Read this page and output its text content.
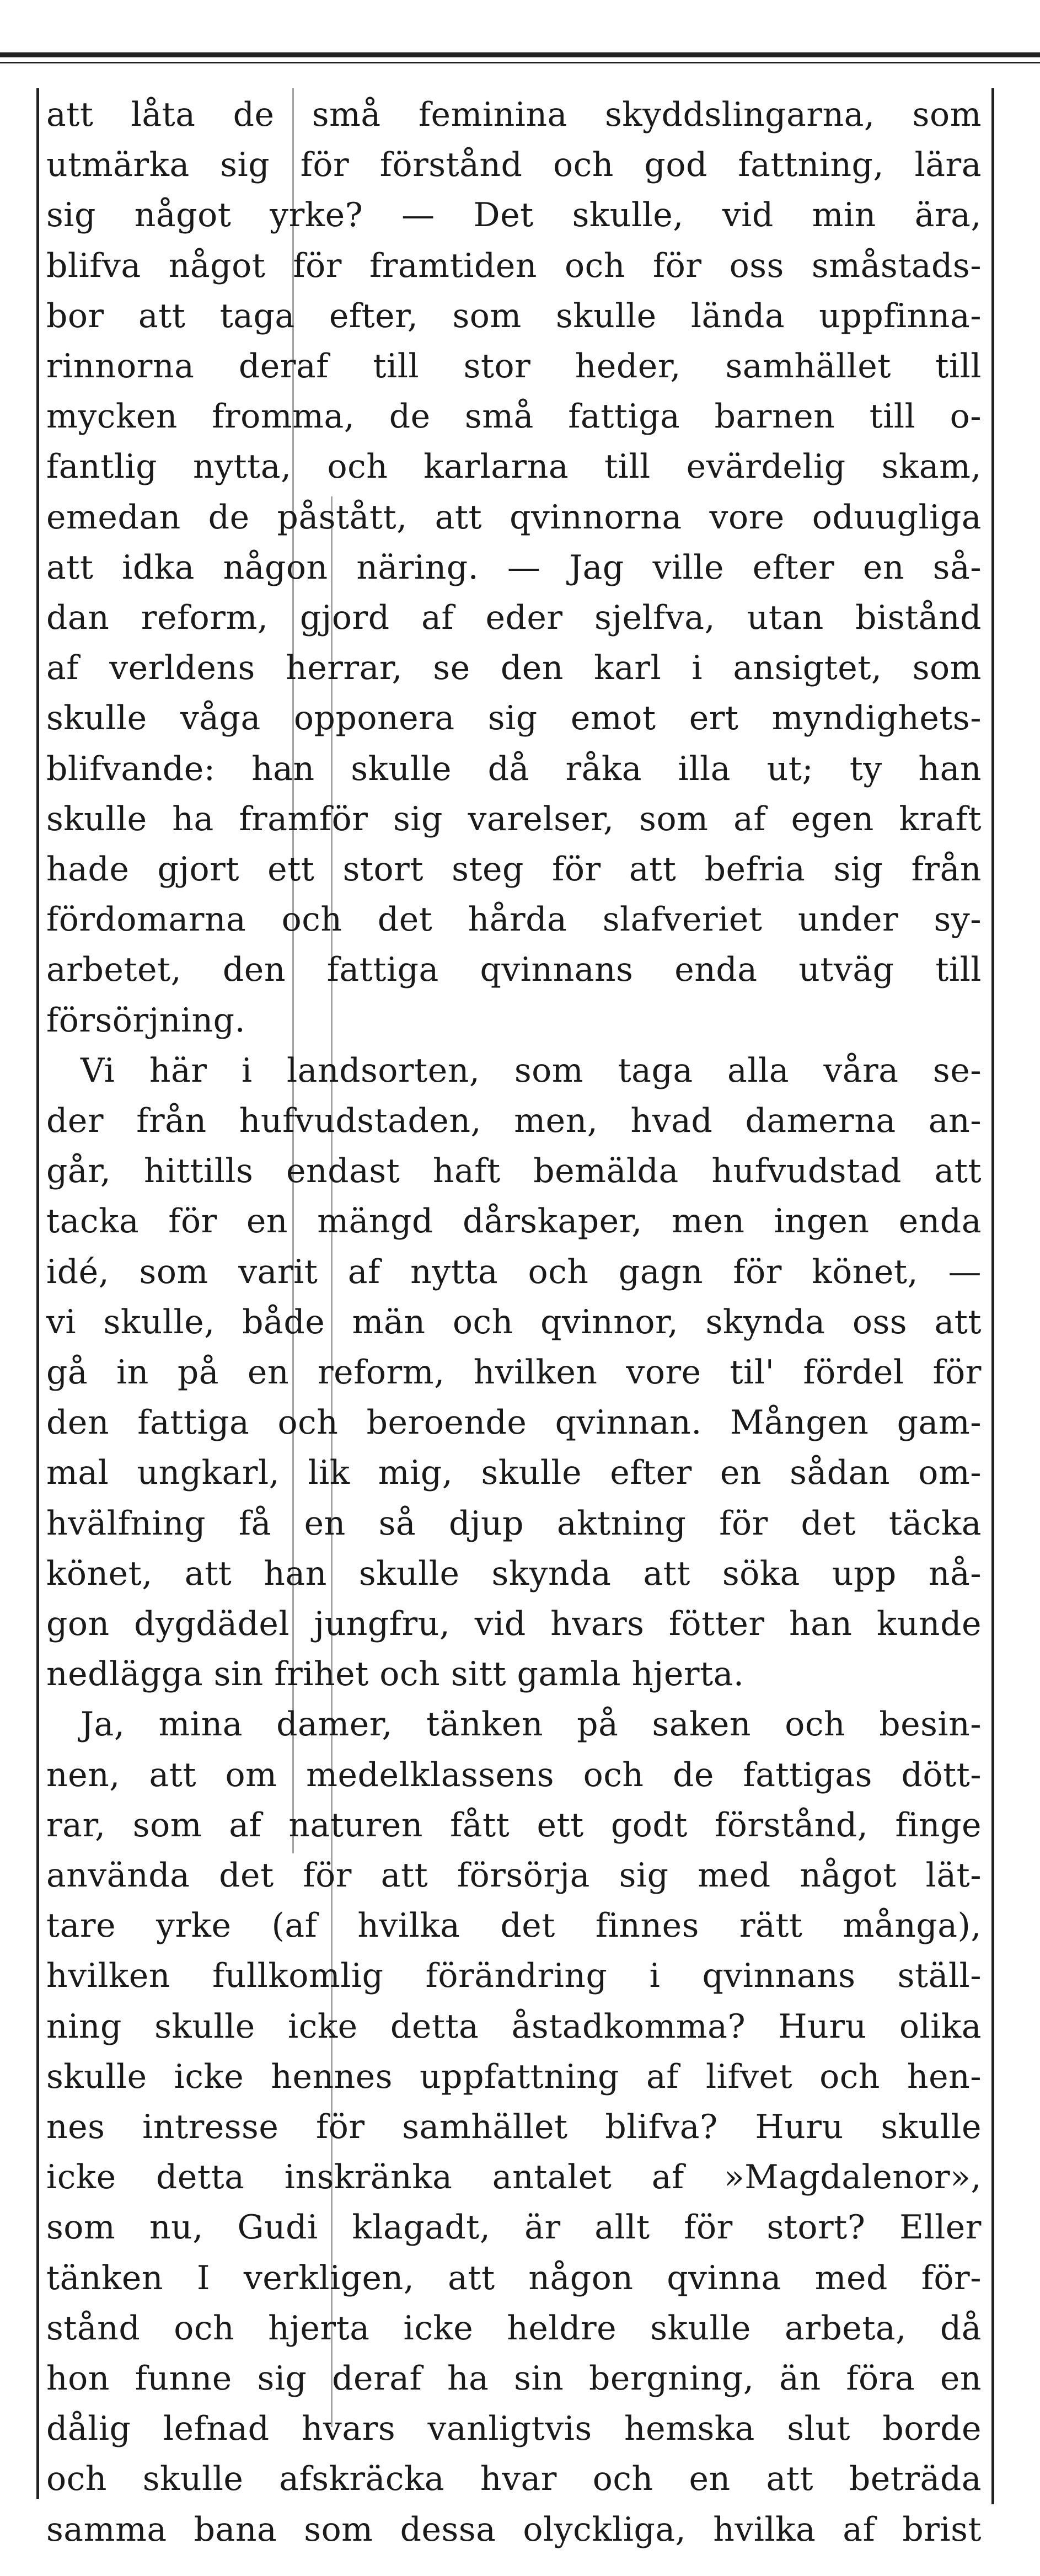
att låta de små feminina skyddslingarna, som
utmärka sig för förstånd och god fattning, lära
sig något yrke? — Det skulle, vid min ära,
blifva något för framtiden och för oss småstads-
bor att taga efter, som skulle lända uppfinna-
rinnorna deraf till stor heder, samhället till
mycken fromma, de små fattiga barnen till o-
fantlig nytta, och karlarna till evärdelig skam,
emedan de påstått, att qvinnorna vore oduugliga
att idka någon näring. — Jag ville efter en så-
dan reform, gjord af eder sjelfva, utan bistånd
af verldens herrar, se den karl i ansigtet, som
skulle våga opponera sig emot ert myndighets-
blifvande: han skulle då råka illa ut; ty han
skulle ha framför sig varelser, som af egen kraft
hade gjort ett stort steg för att befria sig från
fördomarna och det hårda slafveriet under sy-
arbetet, den fattiga qvinnans enda utväg till
försörjning.
Vi här i landsorten, som taga alla våra se-
der från hufvudstaden, men, hvad damerna an-
går, hittills endast haft bemälda hufvudstad att
tacka för en mängd dårskaper, men ingen enda
idé, som varit af nytta och gagn för könet, —
vi skulle, både män och qvinnor, skynda oss att
gå in på en reform, hvilken vore til' fördel för
den fattiga och beroende qvinnan. Mången gam-
mal ungkarl, lik mig, skulle efter en sådan om-
hvälfning få en så djup aktning för det täcka
könet, att han skulle skynda att söka upp nå-
gon dygdädel jungfru, vid hvars fötter han kunde
nedlägga sin frihet och sitt gamla hjerta.
Ja, mina damer, tänken på saken och besin-
nen, att om medelklassens och de fattigas dött-
rar, som af naturen fått ett godt förstånd, finge
använda det för att försörja sig med något lät-
tare yrke (af hvilka det finnes rätt många),
hvilken fullkomlig förändring i qvinnans ställ-
ning skulle icke detta åstadkomma? Huru olika
skulle icke hennes uppfattning af lifvet och hen-
nes intresse för samhället blifva? Huru skulle
icke detta inskränka antalet af »Magdalenor»,
som nu, Gudi klagadt, är allt för stort? Eller
tänken I verkligen, att någon qvinna med för-
stånd och hjerta icke heldre skulle arbeta, då
hon funne sig deraf ha sin bergning, än föra en
dålig lefnad hvars vanligtvis hemska slut borde
och skulle afskräcka hvar och en att beträda
samma bana som dessa olyckliga, hvilka af brist
